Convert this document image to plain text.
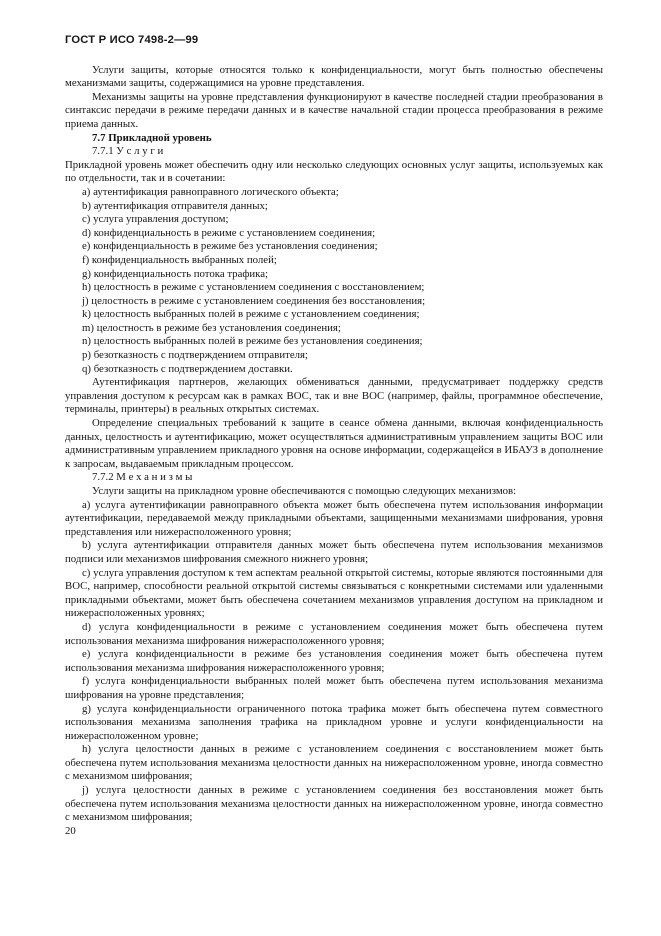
ГОСТ Р ИСО 7498-2—99

Услуги защиты, которые относятся только к конфиденциальности, могут быть полностью обеспечены механизмами защиты, содержащимися на уровне представления.

Механизмы защиты на уровне представления функционируют в качестве последней стадии преобразования в синтаксис передачи в режиме передачи данных и в качестве начальной стадии процесса преобразования в режиме приема данных.

7.7 Прикладной уровень

7.7.1 У с л у г и

Прикладной уровень может обеспечить одну или несколько следующих основных услуг защиты, используемых как по отдельности, так и в сочетании:

a) аутентификация равноправного логического объекта;

b) аутентификация отправителя данных;

c) услуга управления доступом;

d) конфиденциальность в режиме с установлением соединения;

e) конфиденциальность в режиме без установления соединения;

f) конфиденциальность выбранных полей;

g) конфиденциальность потока трафика;

h) целостность в режиме с установлением соединения с восстановлением;

j) целостность в режиме с установлением соединения без восстановления;

k) целостность выбранных полей в режиме с установлением соединения;

m) целостность в режиме без установления соединения;

n) целостность выбранных полей в режиме без установления соединения;

p) безотказность с подтверждением отправителя;

q) безотказность с подтверждением доставки.

Аутентификация партнеров, желающих обмениваться данными, предусматривает поддержку средств управления доступом к ресурсам как в рамках ВОС, так и вне ВОС (например, файлы, программное обеспечение, терминалы, принтеры) в реальных открытых системах.

Определение специальных требований к защите в сеансе обмена данными, включая конфиденциальность данных, целостность и аутентификацию, может осуществляться административным управлением защиты ВОС или административным управлением прикладного уровня на основе информации, содержащейся в ИБАУЗ в дополнение к запросам, выдаваемым прикладным процессом.

7.7.2 М е х а н и з м ы

Услуги защиты на прикладном уровне обеспечиваются с помощью следующих механизмов:

a) услуга аутентификации равноправного объекта может быть обеспечена путем использования информации аутентификации, передаваемой между прикладными объектами, защищенными механизмами шифрования, уровня представления или нижерасположенного уровня;

b) услуга аутентификации отправителя данных может быть обеспечена путем использования механизмов подписи или механизмов шифрования смежного нижнего уровня;

c) услуга управления доступом к тем аспектам реальной открытой системы, которые являются постоянными для ВОС, например, способности реальной открытой системы связываться с конкретными системами или удаленными прикладными объектами, может быть обеспечена сочетанием механизмов управления доступом на прикладном и нижерасположенных уровнях;

d) услуга конфиденциальности в режиме с установлением соединения может быть обеспечена путем использования механизма шифрования нижерасположенного уровня;

e) услуга конфиденциальности в режиме без установления соединения может быть обеспечена путем использования механизма шифрования нижерасположенного уровня;

f) услуга конфиденциальности выбранных полей может быть обеспечена путем использования механизма шифрования на уровне представления;

g) услуга конфиденциальности ограниченного потока трафика может быть обеспечена путем совместного использования механизма заполнения трафика на прикладном уровне и услуги конфиденциальности на нижерасположенном уровне;

h) услуга целостности данных в режиме с установлением соединения с восстановлением может быть обеспечена путем использования механизма целостности данных на нижерасположенном уровне, иногда совместно с механизмом шифрования;

j) услуга целостности данных в режиме с установлением соединения без восстановления может быть обеспечена путем использования механизма целостности данных на нижерасположенном уровне, иногда совместно с механизмом шифрования;

20
